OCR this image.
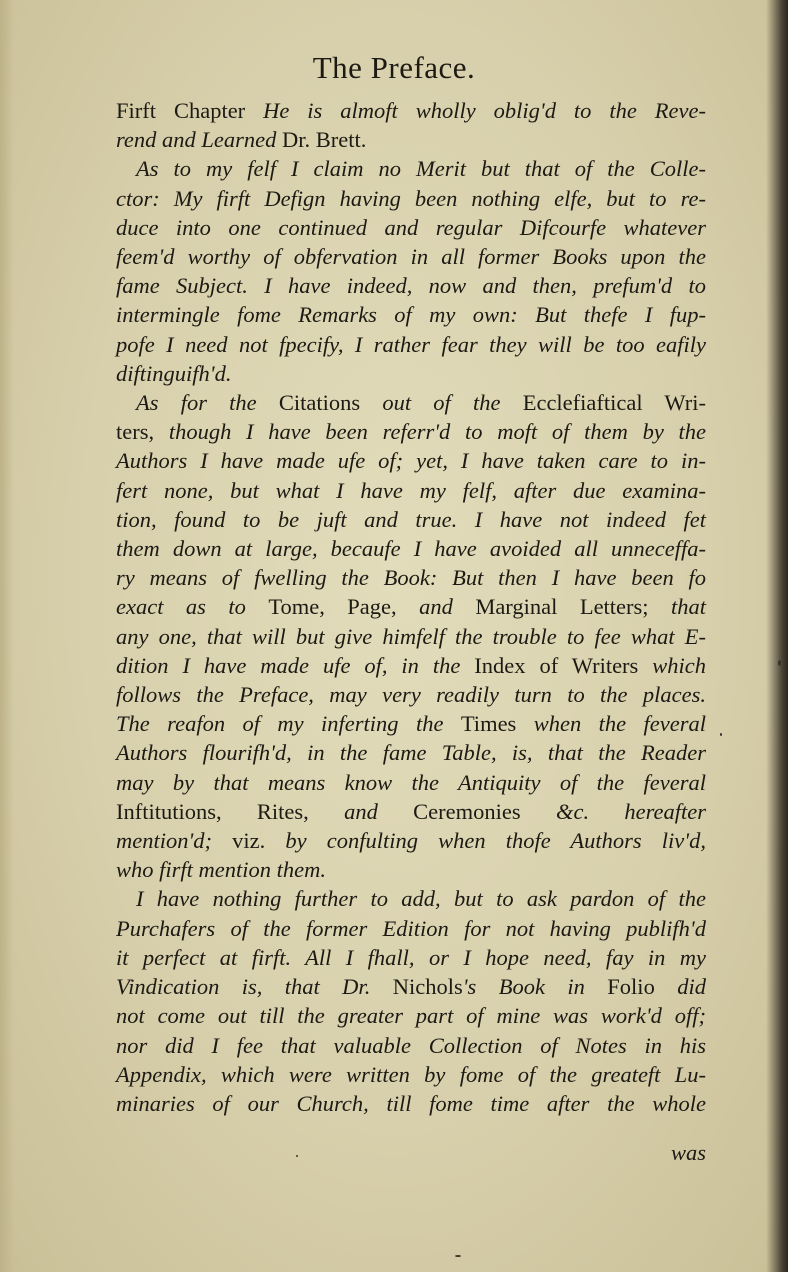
The Preface.
Firft Chapter He is almoft wholly oblig'd to the Reve-
rend and Learned Dr. Brett.
As to my felf I claim no Merit but that of the Colle-
ctor: My firft Defign having been nothing elfe, but to re-
duce into one continued and regular Difcourfe whatever
feem'd worthy of obfervation in all former Books upon the
fame Subject. I have indeed, now and then, prefum'd to
intermingle fome Remarks of my own: But thefe I fup-
pofe I need not fpecify, I rather fear they will be too eafily
diftinguifh'd.
As for the Citations out of the Ecclefiaftical Wri-
ters, though I have been referr'd to moft of them by the
Authors I have made ufe of; yet, I have taken care to in-
fert none, but what I have my felf, after due examina-
tion, found to be juft and true. I have not indeed fet
them down at large, becaufe I have avoided all unneceffa-
ry means of fwelling the Book: But then I have been fo
exact as to Tome, Page, and Marginal Letters; that
any one, that will but give himfelf the trouble to fee what E-
dition I have made ufe of, in the Index of Writers which
follows the Preface, may very readily turn to the places.
The reafon of my inferting the Times when the feveral
Authors flourifh'd, in the fame Table, is, that the Reader
may by that means know the Antiquity of the feveral
Inftitutions, Rites, and Ceremonies &c. hereafter
mention'd; viz. by confulting when thofe Authors liv'd,
who firft mention them.
I have nothing further to add, but to ask pardon of the
Purchafers of the former Edition for not having publifh'd
it perfect at firft. All I fhall, or I hope need, fay in my
Vindication is, that Dr. Nichols's Book in Folio did
not come out till the greater part of mine was work'd off;
nor did I fee that valuable Collection of Notes in his
Appendix, which were written by fome of the greateft Lu-
minaries of our Church, till fome time after the whole
was
